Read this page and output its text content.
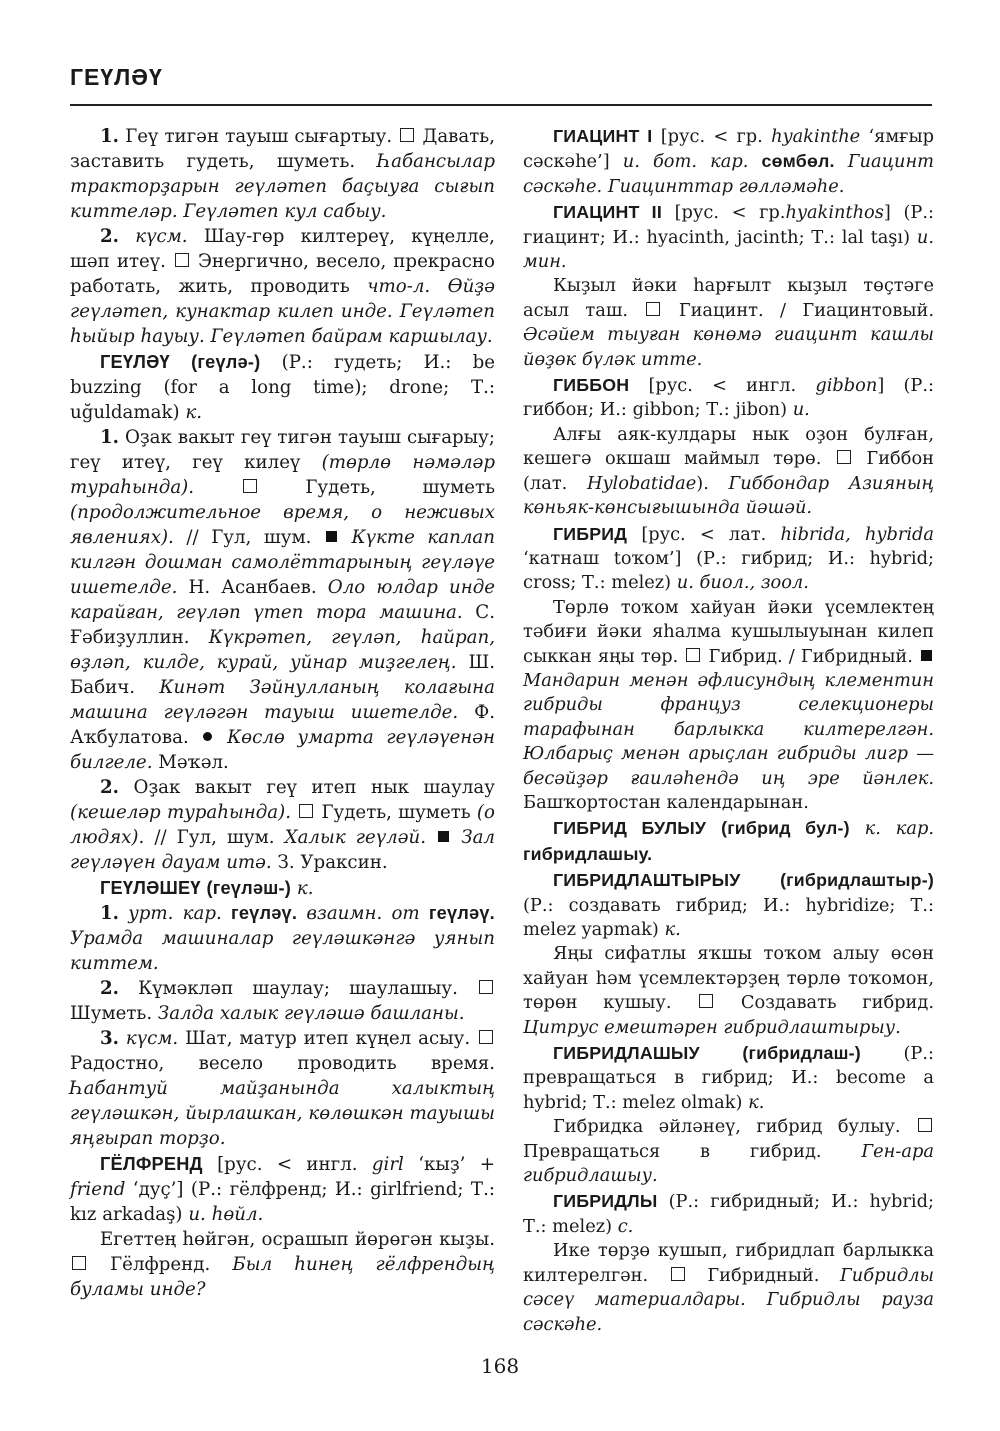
ГЕҮЛӘҮ

1. Геү тигән тауыш сығартыу. Давать, заставить гудеть, шуметь. Һабансылар тракторҙарын геүләтеп баҫыуға сығып киттеләр. Геүләтеп кул сабыу.

2. күсм. Шау-гөр килтереү, күңелле, шәп итеү. Энергично, весело, прекрасно работать, жить, проводить что-л. Өйҙә геүләтеп, кунактар килеп инде. Геүләтеп һыйыр һауыу. Геүләтеп байрам каршылау.

ГЕҮЛӘҮ (геүлә-) (Р.: гудеть; И.: be buzzing (for a long time); drone; Т.: uğuldamak) к.

1. Оҙак вакыт геү тигән тауыш сығарыу; геү итеү, геү килеү (төрлө нәмәләр тураһында).	Гудеть, шуметь (продолжительное время, о неживых явлениях). // Гул, шум. Күкте каплап килгән дошман самолёттарының геүләүе ишетелде. Н. Асанбаев. Оло юлдар инде карайған, геүләп үтеп тора машина. С. Ғәбиҙуллин. Күкрәтеп, геүләп, һайрап, өҙләп, килде, курай, уйнар миҙгелең. Ш. Бабич. Кинәт Зәйнулланың колағына машина геүләгән тауыш ишетелде. Ф. Аҡбулатова. Көслө умарта геүләүенән билгеле. Мәҡәл.

2. Оҙак вакыт геү итеп нык шаулау (кешеләр тураһында). Гудеть, шуметь (о людях). // Гул, шум. Халык геүләй. Зал геүләүен дауам итә. З. Ураксин.

ГЕҮЛӘШЕҮ (геүләш-) к.

1. урт. кар. геүләү. взаимн. от геүләү. Урамда машиналар геүләшкәнгә уянып киттем.

2. Күмәкләп шаулау; шаулашыу.  Шуметь. Залда халык геүләшә башланы.

3. күсм. Шат, матур итеп күңел асыу.  Радостно, весело проводить время. Һабантуй майҙанында халыктың геүләшкән, йырлашкан, көлөшкән тауышы яңғырап торҙо.

ГЁЛФРЕНД [рус. < ингл. girl ‘кыҙ’ + friend ‘дуҫ’] (Р.: гёлфренд; И.: girlfriend; Т.: kız arkadaş) и. һөйл.

Егеттең һөйгән, осрашып йөрөгән кыҙы.  Гёлфренд. Был һинең гёлфрендың буламы инде?

ГИАЦИНТ I [рус. < гр. hyakinthe ‘ямғыр сәскәһе’] и. бот. кар. сөмбөл. Гиацинт сәскәһе. Гиацинттар гөлләмәһе.

ГИАЦИНТ II [рус. < гр.hyakinthos] (Р.: гиацинт; И.: hyacinth, jacinth; Т.: lal taşı) и. мин.

Кыҙыл йәки һарғылт кыҙыл төҫтәге асыл таш.	Гиацинт. / Гиацинтовый. Әсәйем тыуған көнөмә гиацинт кашлы йөҙөк бүләк итте.

ГИББОН [рус. < ингл. gibbon] (Р.: гиббон; И.: gibbon; Т.: jibon) и.

Алғы аяк-кулдары нык оҙон булған, кешегә окшаш маймыл төрө.	Гиббон (лат. Hylobatidae). Гиббондар Азияның көньяк-көнсығышында йәшәй.

ГИБРИД [рус. < лат. hibrida, hybrida ‘катнаш toҡом’] (Р.: гибрид; И.: hybrid; cross; Т.: melez) и. биол., зоол.

Төрлө тоҡом хайуан йәки үсемлектең тәбиғи йәки яһалма кушылыуынан килеп сыккан яңы төр. Гибрид. / Гибридный.  Мандарин менән әфлисундың клементин гибриды француз селекционеры тарафынан барлыкка килтерелгән. Юлбарыҫ менән арыҫлан гибриды лигр — бесәйҙәр ғаиләһендә иң эре йәнлек. Башҡортостан календарынан.

ГИБРИД БУЛЫУ (гибрид бул-) к. кар. гибридлашыу.

ГИБРИДЛАШТЫРЫУ (гибридлаштыр-) (Р.: создавать гибрид; И.: hybridize; Т.: melez yapmak) к.

Яңы сифатлы яҡшы тоҡом алыу өсөн хайуан һәм үсемлектәрҙең төрлө тоҡомон, төрөн кушыу.	Создавать гибрид. Цитрус емештәрен гибридлаштырыу.

ГИБРИДЛАШЫУ (гибридлаш-) (Р.: превращаться в гибрид; И.: become a hybrid; Т.: melez olmak) к.

Гибридка әйләнеү, гибрид булыу.  Превращаться в гибрид. Ген-ара гибридлашыу.

ГИБРИДЛЫ (Р.: гибридный; И.: hybrid; Т.: melez) с.

Ике төрҙө кушып, гибридлап барлыкка килтерелгән.	Гибридный. Гибридлы сәсеү материалдары. Гибридлы рауза сәскәһе.

168
